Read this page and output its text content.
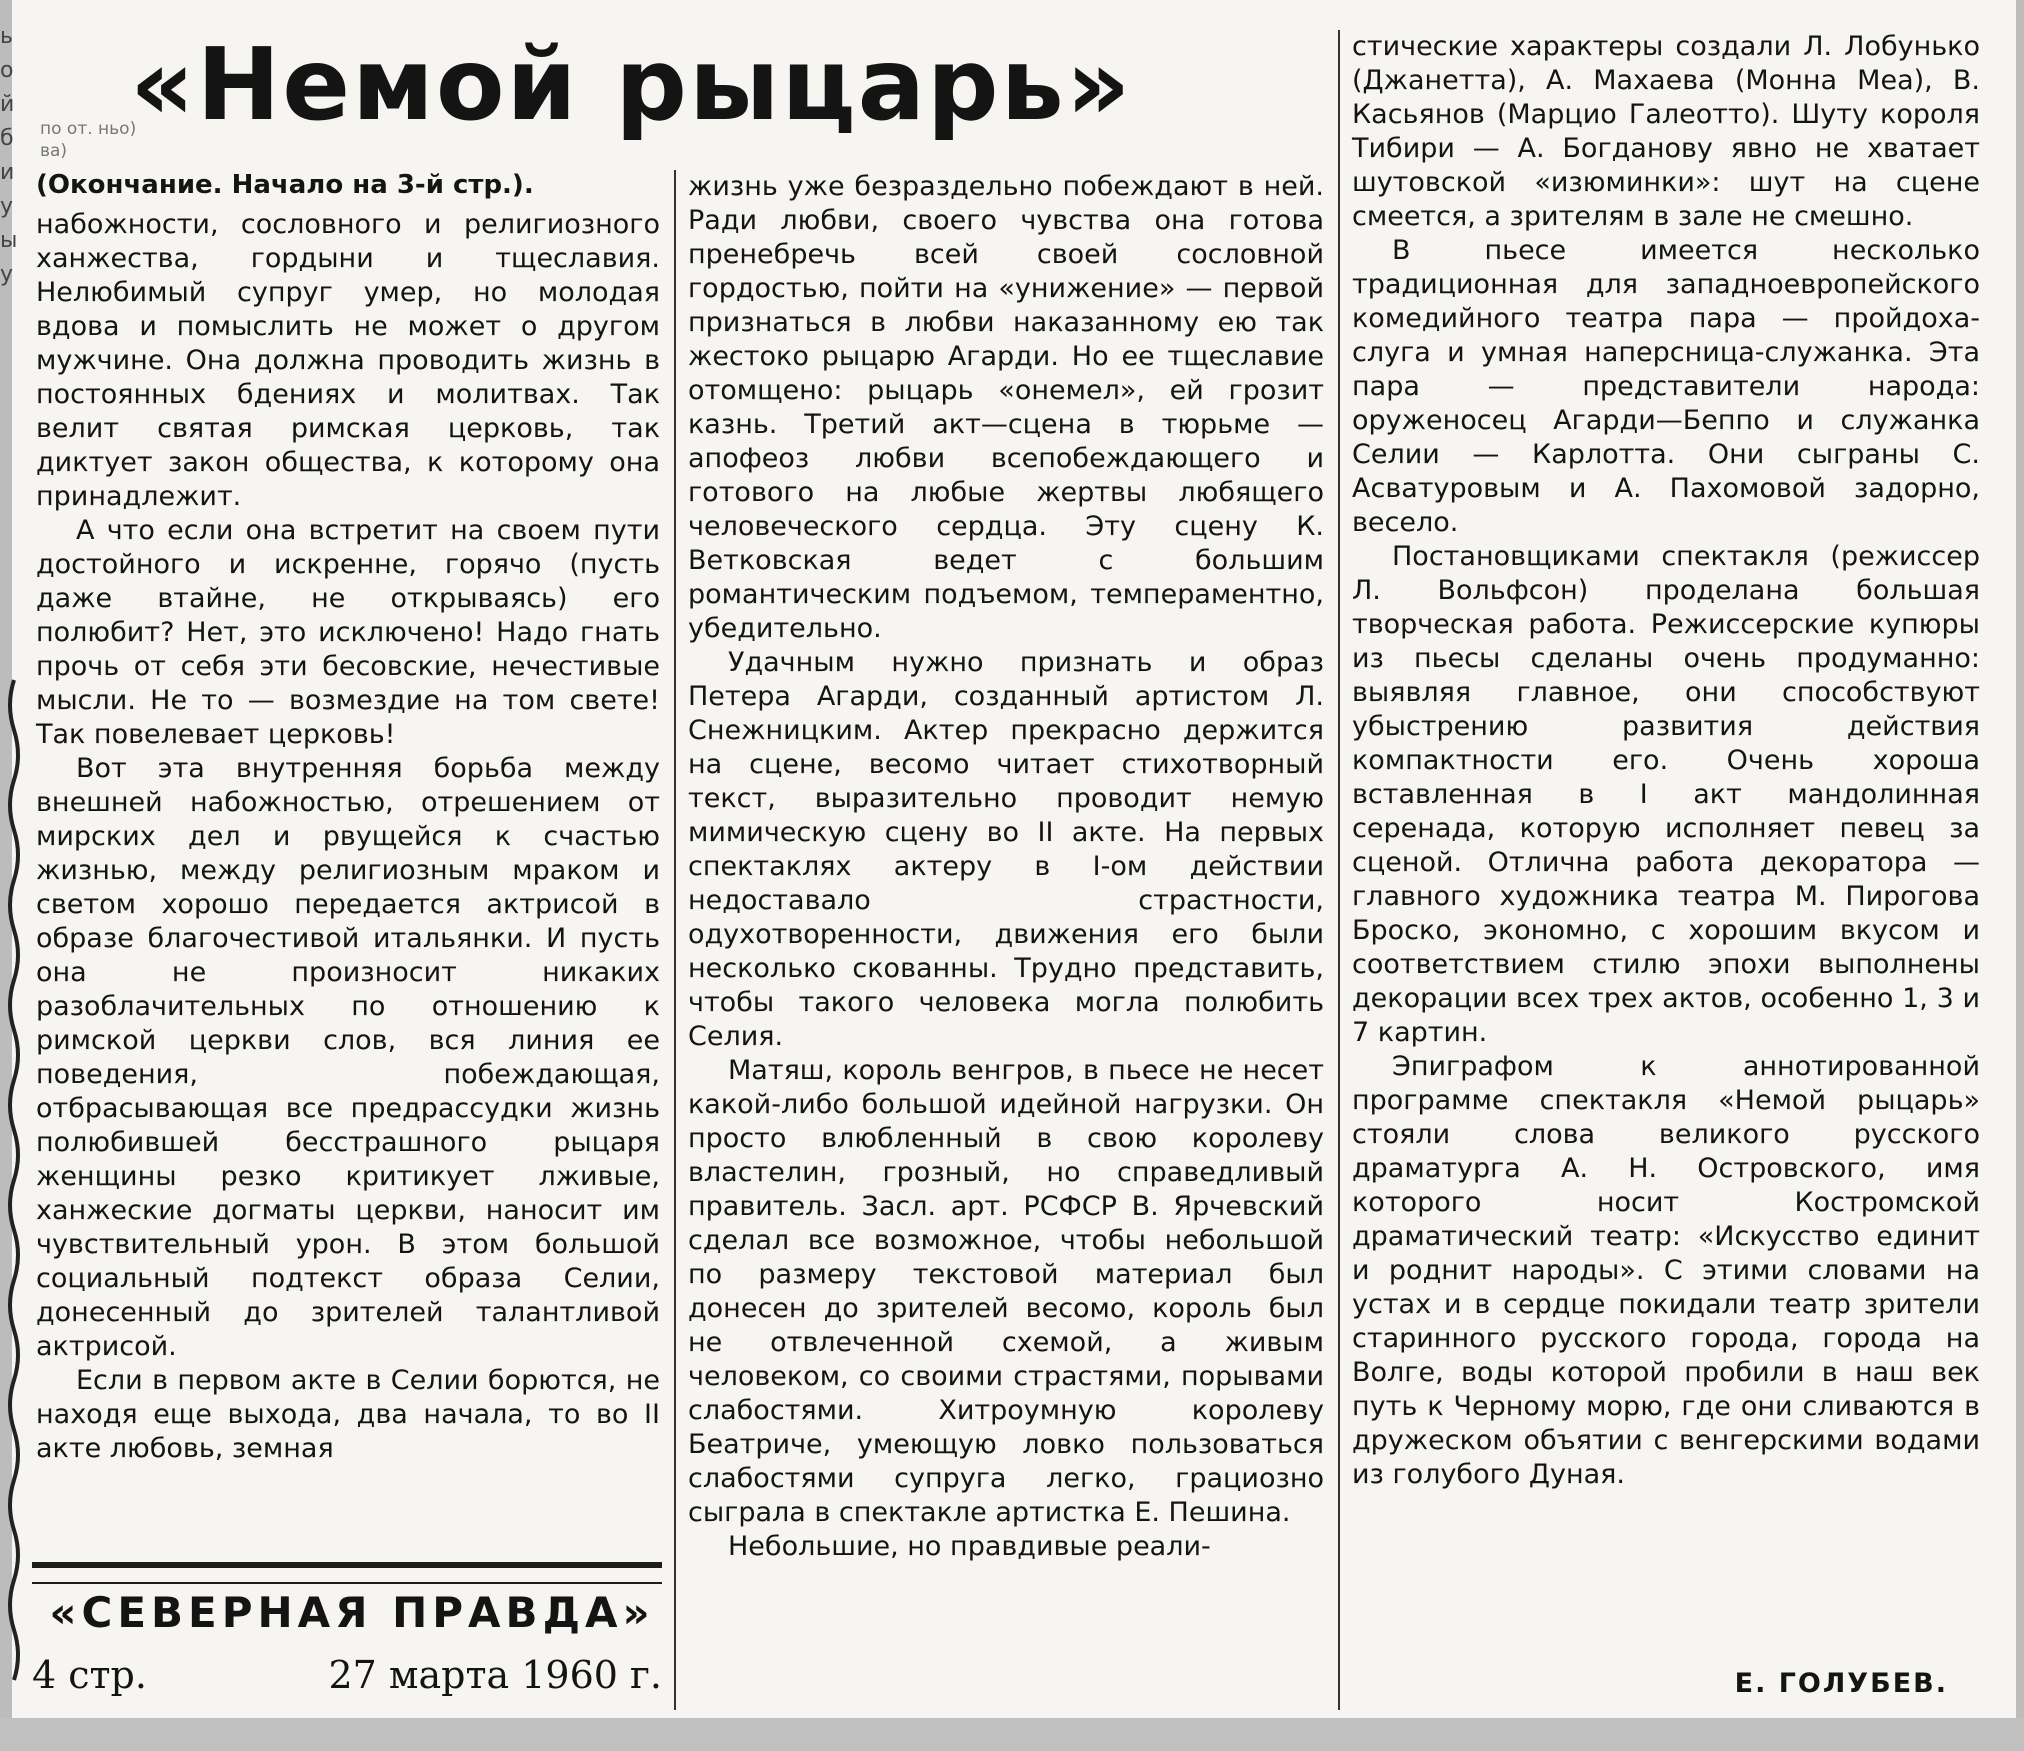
ь о й б и у ы у
«Немой рыцарь»
по от. ньо) ва)

(Окончание. Начало на 3-й стр.).

набожности, сословного и религиозного ханжества, гордыни и тщеславия. Нелюбимый супруг умер, но молодая вдова и помыслить не может о другом мужчине. Она должна проводить жизнь в постоянных бдениях и молитвах. Так велит святая римская церковь, так диктует закон общества, к которому она принадлежит.

А что если она встретит на своем пути достойного и искренне, горячо (пусть даже втайне, не открываясь) его полюбит? Нет, это исключено! Надо гнать прочь от себя эти бесовские, нечестивые мысли. Не то — возмездие на том свете! Так повелевает церковь!

Вот эта внутренняя борьба между внешней набожностью, отрешением от мирских дел и рвущейся к счастью жизнью, между религиозным мраком и светом хорошо передается актрисой в образе благочестивой итальянки. И пусть она не произносит никаких разоблачительных по отношению к римской церкви слов, вся линия ее поведения, побеждающая, отбрасывающая все предрассудки жизнь полюбившей бесстрашного рыцаря женщины резко критикует лживые, ханжеские догматы церкви, наносит им чувствительный урон. В этом большой социальный подтекст образа Селии, донесенный до зрителей талантливой актрисой.

Если в первом акте в Селии борются, не находя еще выхода, два начала, то во II акте любовь, земная

жизнь уже безраздельно побеждают в ней. Ради любви, своего чувства она готова пренебречь всей своей сословной гордостью, пойти на «унижение» — первой признаться в любви наказанному ею так жестоко рыцарю Агарди. Но ее тщеславие отомщено: рыцарь «онемел», ей грозит казнь. Третий акт—сцена в тюрьме — апофеоз любви всепобеждающего и готового на любые жертвы любящего человеческого сердца. Эту сцену К. Ветковская ведет с большим романтическим подъемом, темпераментно, убедительно.

Удачным нужно признать и образ Петера Агарди, созданный артистом Л. Снежницким. Актер прекрасно держится на сцене, весомо читает стихотворный текст, выразительно проводит немую мимическую сцену во II акте. На первых спектаклях актеру в I-ом действии недоставало страстности, одухотворенности, движения его были несколько скованны. Трудно представить, чтобы такого человека могла полюбить Селия.

Матяш, король венгров, в пьесе не несет какой-либо большой идейной нагрузки. Он просто влюбленный в свою королеву властелин, грозный, но справедливый правитель. Засл. арт. РСФСР В. Ярчевский сделал все возможное, чтобы небольшой по размеру текстовой материал был донесен до зрителей весомо, король был не отвлеченной схемой, а живым человеком, со своими страстями, порывами слабостями. Хитроумную королеву Беатриче, умеющую ловко пользоваться слабостями супруга легко, грациозно сыграла в спектакле артистка Е. Пешина.

Небольшие, но правдивые реали-

стические характеры создали Л. Лобунько (Джанетта), А. Махаева (Монна Меа), В. Касьянов (Марцио Галеотто). Шуту короля Тибири — А. Богданову явно не хватает шутовской «изюминки»: шут на сцене смеется, а зрителям в зале не смешно.

В пьесе имеется несколько традиционная для западноевропейского комедийного театра пара — пройдоха-слуга и умная наперсница-служанка. Эта пара — представители народа: оруженосец Агарди—Беппо и служанка Селии — Карлотта. Они сыграны С. Асватуровым и А. Пахомовой задорно, весело.

Постановщиками спектакля (режиссер Л. Вольфсон) проделана большая творческая работа. Режиссерские купюры из пьесы сделаны очень продуманно: выявляя главное, они способствуют убыстрению развития действия компактности его. Очень хороша вставленная в I акт мандолинная серенада, которую исполняет певец за сценой. Отлична работа декоратора — главного художника театра М. Пирогова Броско, экономно, с хорошим вкусом и соответствием стилю эпохи выполнены декорации всех трех актов, особенно 1, 3 и 7 картин.

Эпиграфом к аннотированной программе спектакля «Немой рыцарь» стояли слова великого русского драматурга А. Н. Островского, имя которого носит Костромской драматический театр: «Искусство единит и роднит народы». С этими словами на устах и в сердце покидали театр зрители старинного русского города, города на Волге, воды которой пробили в наш век путь к Черному морю, где они сливаются в дружеском объятии с венгерскими водами из голубого Дуная.

Е. ГОЛУБЕВ.
«СЕВЕРНАЯ ПРАВДА»
4 стр.	27 марта 1960 г.
